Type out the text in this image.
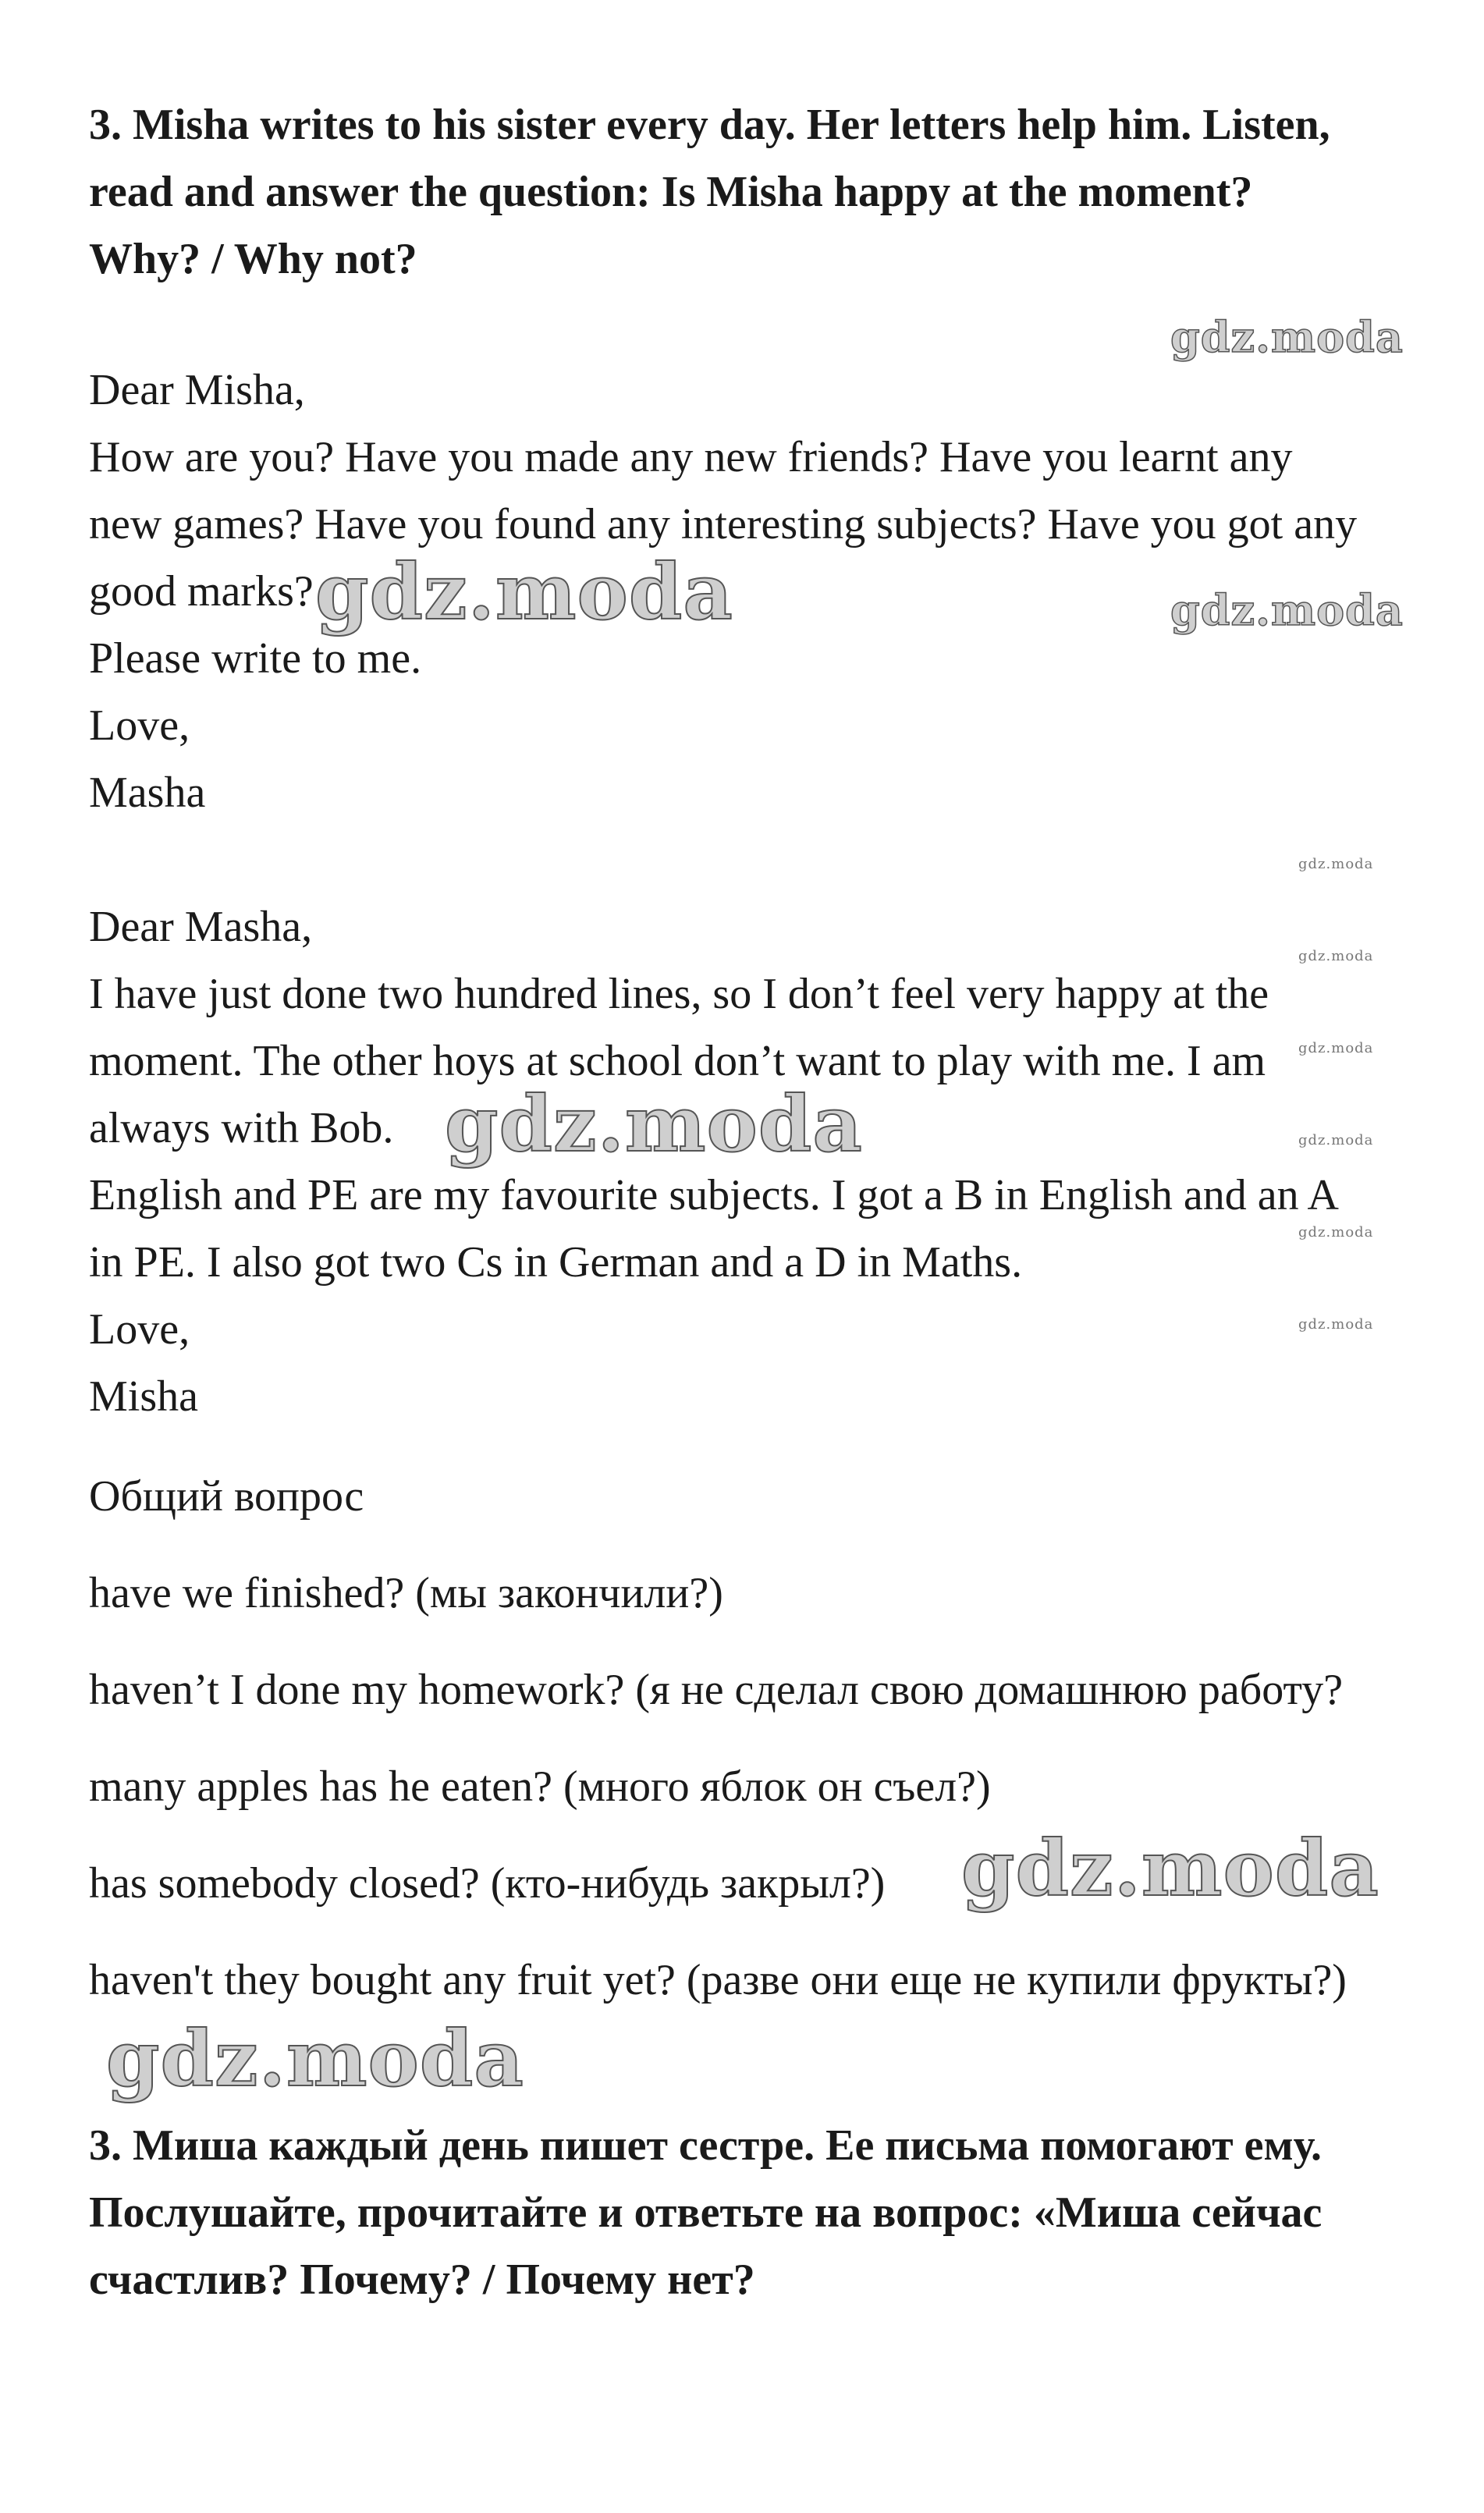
3. Misha writes to his sister every day. Her letters help him. Listen,
read and answer the question: Is Misha happy at the moment?
Why? / Why not?
Dear Misha,
How are you? Have you made any new friends? Have you learnt any
new games? Have you found any interesting subjects? Have you got any
good marks?
Please write to me.
Love,
Masha
Dear Masha,
I have just done two hundred lines, so I don’t feel very happy at the
moment. The other hoys at school don’t want to play with me. I am
always with Bob.
English and PE are my favourite subjects. I got a B in English and an A
in PE. I also got two Cs in German and a D in Maths.
Love,
Misha
Общий вопрос
have we finished? (мы закончили?)
haven’t I done my homework? (я не сделал свою домашнюю работу?
many apples has he eaten? (много яблок он съел?)
has somebody closed? (кто-нибудь закрыл?)
haven't they bought any fruit yet? (разве они еще не купили фрукты?)
3. Миша каждый день пишет сестре. Ее письма помогают ему.
Послушайте, прочитайте и ответьте на вопрос: «Миша сейчас
счастлив? Почему? / Почему нет?
gdz.moda
gdz.moda	gdz.moda
gdz.moda
gdz.moda
gdz.moda
gdz.moda	gdz.moda
gdz.moda
gdz.moda
gdz.moda
gdz.moda
